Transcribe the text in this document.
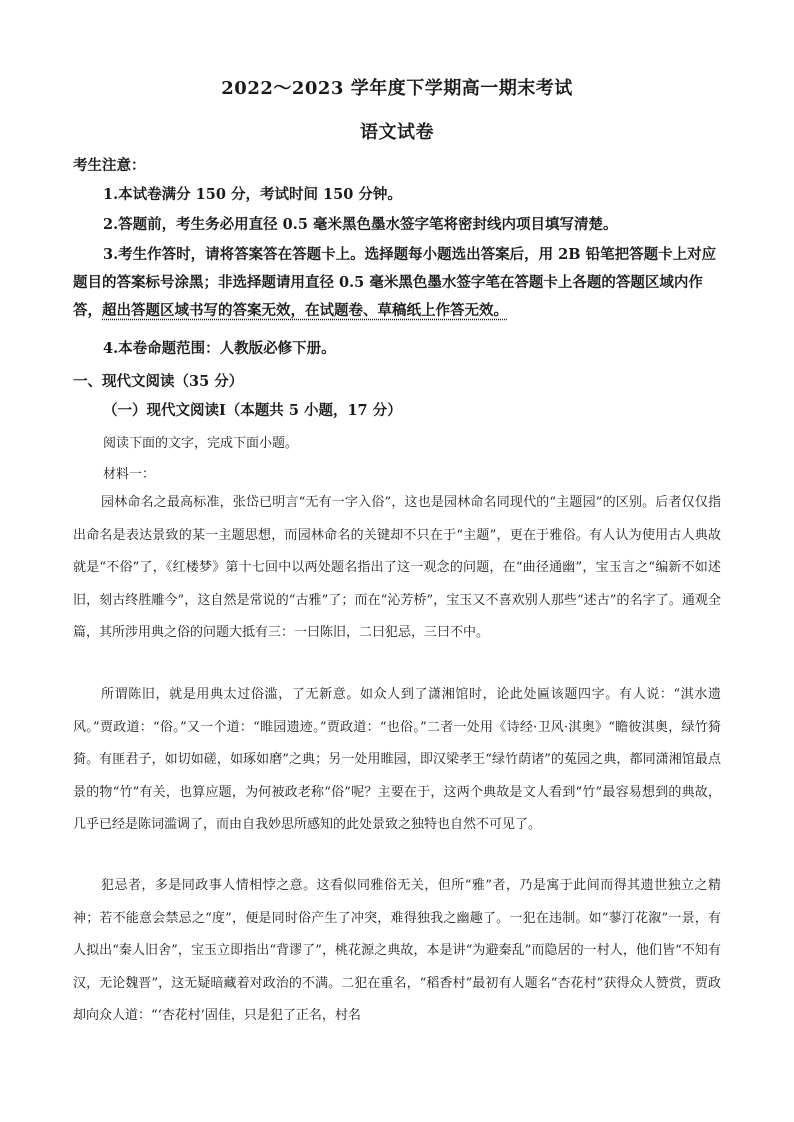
2022～2023 学年度下学期高一期末考试
语文试卷
考生注意：
1.本试卷满分 150 分，考试时间 150 分钟。
2.答题前，考生务必用直径 0.5 毫米黑色墨水签字笔将密封线内项目填写清楚。
3.考生作答时，请将答案答在答题卡上。选择题每小题选出答案后，用 2B 铅笔把答题卡上对应题目的答案标号涂黑；非选择题请用直径 0.5 毫米黑色墨水签字笔在答题卡上各题的答题区域内作答，超出答题区域书写的答案无效，在试题卷、草稿纸上作答无效。
4.本卷命题范围：人教版必修下册。
一、现代文阅读（35 分）
（一）现代文阅读Ⅰ（本题共 5 小题，17 分）
阅读下面的文字，完成下面小题。
材料一：
园林命名之最高标准，张岱已明言“无有一字入俗”，这也是园林命名同现代的“主题园”的区别。后者仅仅指出命名是表达景致的某一主题思想，而园林命名的关键却不只在于“主题”，更在于雅俗。有人认为使用古人典故就是“不俗”了，《红楼梦》第十七回中以两处题名指出了这一观念的问题，在“曲径通幽”，宝玉言之“编新不如述旧，刻古终胜雕今”，这自然是常说的“古雅”了；而在“沁芳桥”，宝玉又不喜欢别人那些“述古”的名字了。通观全篇，其所涉用典之俗的问题大抵有三：一曰陈旧，二曰犯忌，三曰不中。
所谓陈旧，就是用典太过俗滥，了无新意。如众人到了潇湘馆时，论此处匾该题四字。有人说：“淇水遗风。”贾政道：“俗。”又一个道：“睢园遗迹。”贾政道：“也俗。”二者一处用《诗经·卫风·淇奥》“瞻彼淇奥，绿竹猗猗。有匪君子，如切如磋，如琢如磨”之典；另一处用睢园，即汉梁孝王“绿竹荫诸”的菟园之典，都同潇湘馆最点景的物“竹”有关，也算应题，为何被政老称“俗”呢？主要在于，这两个典故是文人看到“竹”最容易想到的典故，几乎已经是陈词滥调了，而由自我妙思所感知的此处景致之独特也自然不可见了。
犯忌者，多是同政事人情相悖之意。这看似同雅俗无关，但所“雅”者，乃是寓于此间而得其遗世独立之精神；若不能意会禁忌之“度”，便是同时俗产生了冲突，难得独我之幽趣了。一犯在违制。如“蓼汀花溆”一景，有人拟出“秦人旧舍”，宝玉立即指出“背谬了”，桃花源之典故，本是讲“为避秦乱”而隐居的一村人，他们皆“不知有汉，无论魏晋”，这无疑暗藏着对政治的不满。二犯在重名，“稻香村”最初有人题名“杏花村”获得众人赞赏，贾政却向众人道：“‘杏花村’固佳，只是犯了正名，村名
